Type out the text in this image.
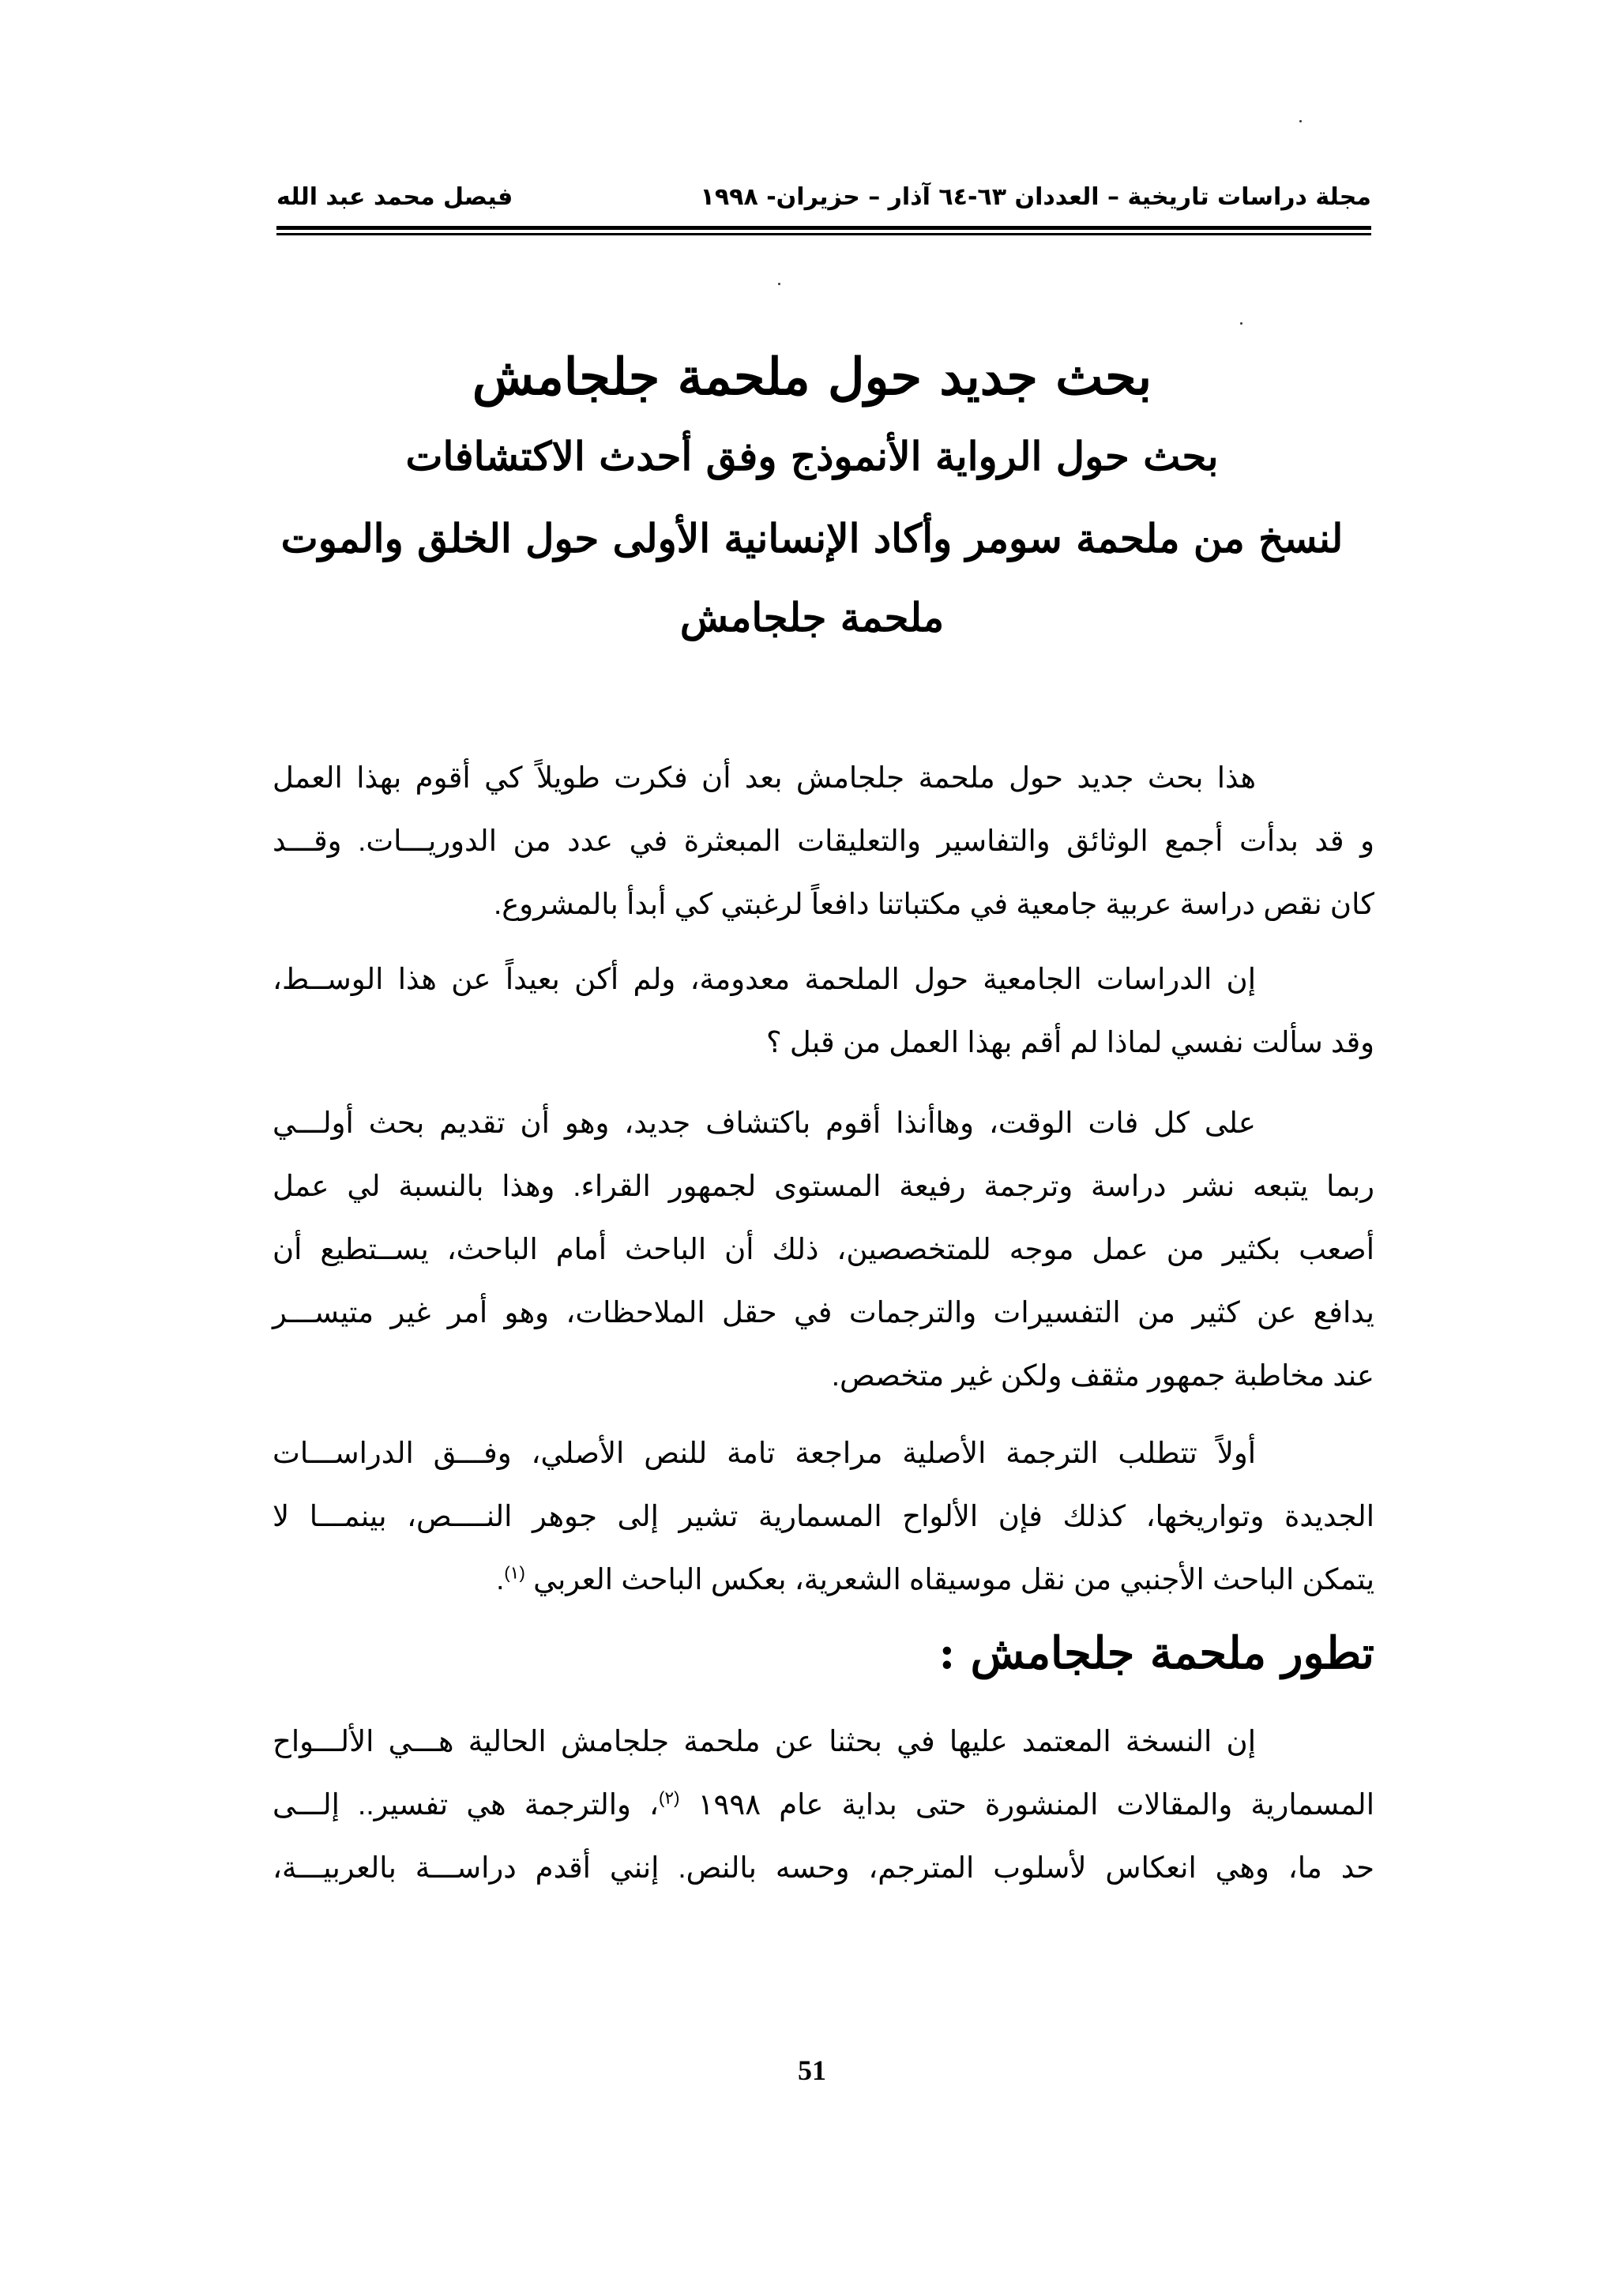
مجلة دراسات تاريخية – العددان ٦٣-٦٤ آذار – حزيران- ١٩٩٨
فيصل محمد عبد الله
بحث جديد حول ملحمة جلجامش
بحث حول الرواية الأنموذج وفق أحدث الاكتشافات
لنسخ من ملحمة سومر وأكاد الإنسانية الأولى حول الخلق والموت
ملحمة جلجامش
هذا بحث جديد حول ملحمة جلجامش بعد أن فكرت طويلاً كي أقوم بهذا العمل
و قد بدأت أجمع الوثائق والتفاسير والتعليقات المبعثرة في عدد من الدوريـــات. وقـــد
كان نقص دراسة عربية جامعية في مكتباتنا دافعاً لرغبتي كي أبدأ بالمشروع.
إن الدراسات الجامعية حول الملحمة معدومة، ولم أكن بعيداً عن هذا الوســط،
وقد سألت نفسي لماذا لم أقم بهذا العمل من قبل ؟
على كل فات الوقت، وهاأنذا أقوم باكتشاف جديد، وهو أن تقديم بحث أولـــي
ربما يتبعه نشر دراسة وترجمة رفيعة المستوى لجمهور القراء. وهذا بالنسبة لي عمل
أصعب بكثير من عمل موجه للمتخصصين، ذلك أن الباحث أمام الباحث، يســتطيع أن
يدافع عن كثير من التفسيرات والترجمات في حقل الملاحظات، وهو أمر غير متيســـر
عند مخاطبة جمهور مثقف ولكن غير متخصص.
أولاً تتطلب الترجمة الأصلية مراجعة تامة للنص الأصلي، وفـــق الدراســـات
الجديدة وتواريخها، كذلك فإن الألواح المسمارية تشير إلى جوهر النــــص، بينمـــا لا
يتمكن الباحث الأجنبي من نقل موسيقاه الشعرية، بعكس الباحث العربي $^{(١)}$.
تطور ملحمة جلجامش :
إن النسخة المعتمد عليها في بحثنا عن ملحمة جلجامش الحالية هـــي الألـــواح
المسمارية والمقالات المنشورة حتى بداية عام ١٩٩٨ $^{(٢)}$، والترجمة هي تفسير.. إلـــى
حد ما، وهي انعكاس لأسلوب المترجم، وحسه بالنص. إنني أقدم دراســـة بالعربيـــة،
51
